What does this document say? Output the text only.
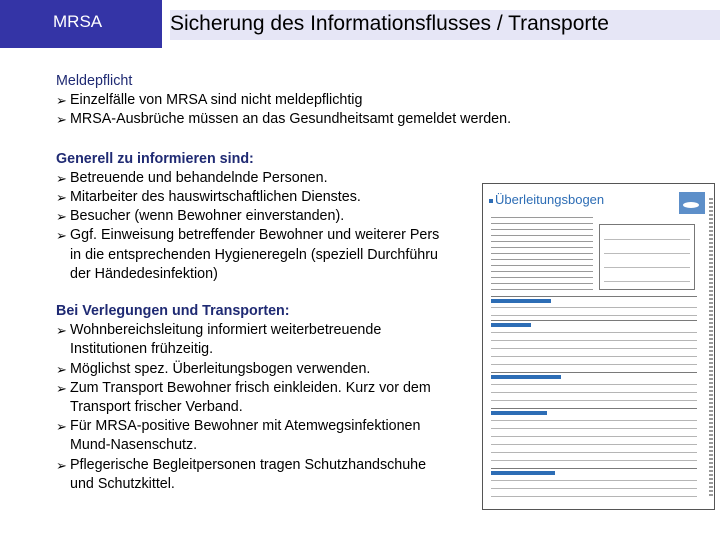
MRSA	Sicherung des Informationsflusses / Transporte
Meldepflicht
➢ Einzelfälle von MRSA sind nicht meldepflichtig
➢ MRSA-Ausbrüche müssen an das Gesundheitsamt gemeldet werden.
Generell zu informieren sind:
➢ Betreuende und behandelnde Personen.
➢ Mitarbeiter des hauswirtschaftlichen Dienstes.
➢ Besucher (wenn Bewohner einverstanden).
➢ Ggf. Einweisung betreffender Bewohner und weiterer Pers
in die entsprechenden Hygieneregeln (speziell Durchführu
der Händedesinfektion)
Bei Verlegungen und Transporten:
➢ Wohnbereichsleitung informiert weiterbetreuende
Institutionen frühzeitig.
➢ Möglichst spez. Überleitungsbogen verwenden.
➢ Zum Transport Bewohner frisch einkleiden. Kurz vor dem
Transport frischer Verband.
➢ Für MRSA-positive Bewohner mit Atemwegsinfektionen
Mund-Nasenschutz.
➢ Pflegerische Begleitpersonen tragen Schutzhandschuhe
und Schutzkittel.
Überleitungsbogen
